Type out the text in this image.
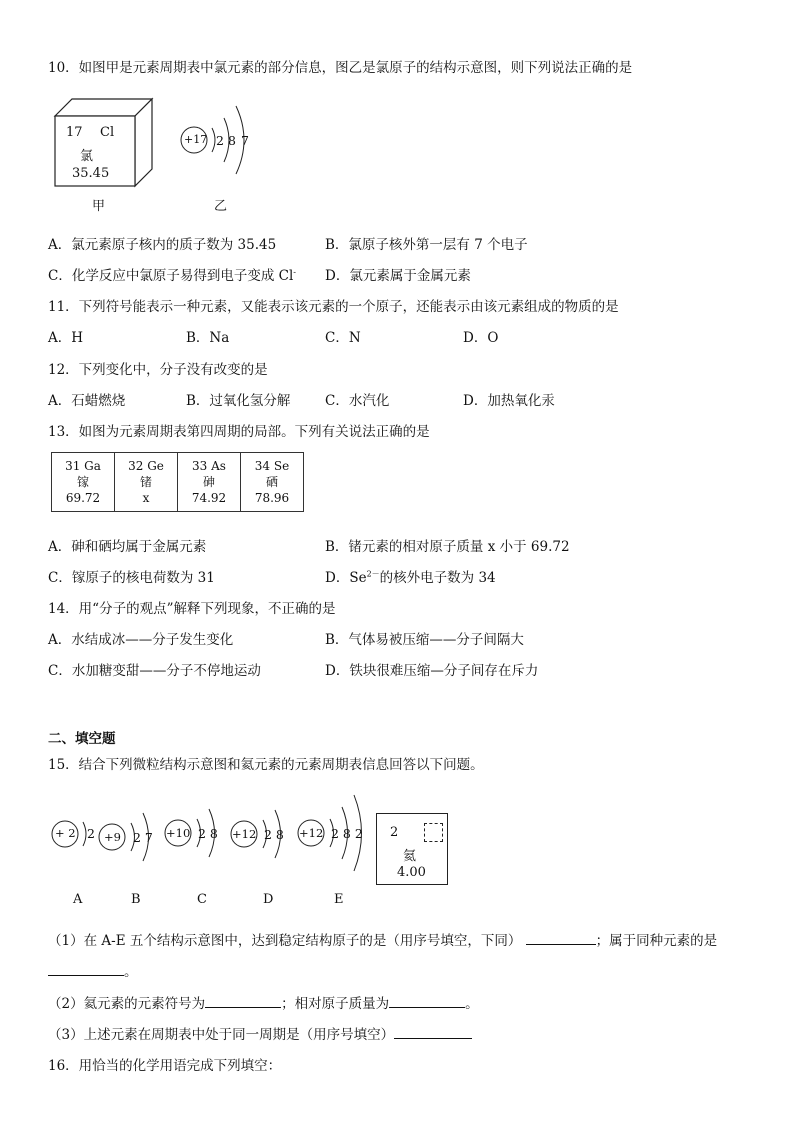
10．如图甲是元素周期表中氯元素的部分信息，图乙是氯原子的结构示意图，则下列说法正确的是
17 Cl
氯
35.45
甲
+17 2 8 7
乙
A．氯元素原子核内的质子数为 35.45	B．氯原子核外第一层有 7 个电子
C．化学反应中氯原子易得到电子变成 Cl- D．氯元素属于金属元素
11．下列符号能表示一种元素，又能表示该元素的一个原子，还能表示由该元素组成的物质的是
A．H	B．Na	C．N	D．O
12．下列变化中，分子没有改变的是
A．石蜡燃烧	B．过氧化氢分解	C．水汽化	D．加热氧化汞
13．如图为元素周期表第四周期的局部。下列有关说法正确的是
31 Ga
镓
69.72

32 Ge
锗
x

33 As
砷
74.92

34 Se
硒
78.96
A．砷和硒均属于金属元素	B．锗元素的相对原子质量 x 小于 69.72
C．镓原子的核电荷数为 31	D．$Se^{2-}$的核外电子数为 34
14．用“分子的观点”解释下列现象，不正确的是
A．水结成冰——分子发生变化	B．气体易被压缩——分子间隔大
C．水加糖变甜——分子不停地运动	D．铁块很难压缩—分子间存在斥力
二、填空题
15．结合下列微粒结构示意图和氦元素的元素周期表信息回答以下问题。
+ 2 2 +9 2 7 +10 2 8 +12 2 8 +12 2 8 2
A	B	C	D	E
2
氦
4.00
（1）在 A-E 五个结构示意图中，达到稳定结构原子的是（用序号填空，下同）	；属于同种元素的是
。
（2）氦元素的元素符号为	；相对原子质量为	。
（3）上述元素在周期表中处于同一周期是（用序号填空）
16．用恰当的化学用语完成下列填空：
